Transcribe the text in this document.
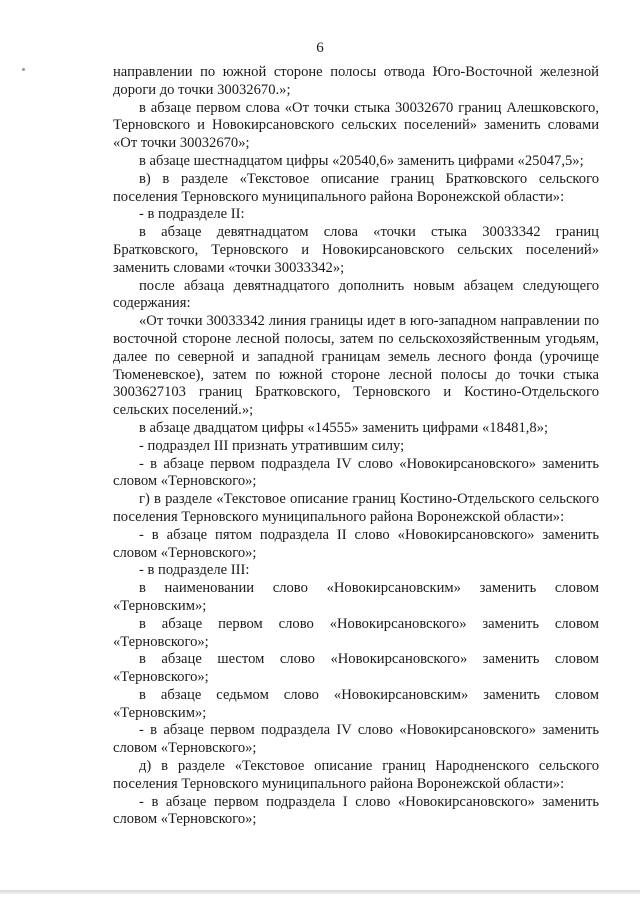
6

направлении по южной стороне полосы отвода Юго-Восточной железной дороги до точки 30032670.»;

в абзаце первом слова «От точки стыка 30032670 границ Алешковского, Терновского и Новокирсановского сельских поселений» заменить словами «От точки 30032670»;

в абзаце шестнадцатом цифры «20540,6» заменить цифрами «25047,5»;

в) в разделе «Текстовое описание границ Братковского сельского поселения Терновского муниципального района Воронежской области»:

- в подразделе II:

в абзаце девятнадцатом слова «точки стыка 30033342 границ Братковского, Терновского и Новокирсановского сельских поселений» заменить словами «точки 30033342»;

после абзаца девятнадцатого дополнить новым абзацем следующего содержания:

«От точки 30033342 линия границы идет в юго-западном направлении по восточной стороне лесной полосы, затем по сельскохозяйственным угодьям, далее по северной и западной границам земель лесного фонда (урочище Тюменевское), затем по южной стороне лесной полосы до точки стыка 3003627103 границ Братковского, Терновского и Костино-Отдельского сельских поселений.»;

в абзаце двадцатом цифры «14555» заменить цифрами «18481,8»;

- подраздел III признать утратившим силу;

- в абзаце первом подраздела IV слово «Новокирсановского» заменить словом «Терновского»;

г) в разделе «Текстовое описание границ Костино-Отдельского сельского поселения Терновского муниципального района Воронежской области»:

- в абзаце пятом подраздела II слово «Новокирсановского» заменить словом «Терновского»;

- в подразделе III:

в наименовании слово «Новокирсановским» заменить словом «Терновским»;

в абзаце первом слово «Новокирсановского» заменить словом «Терновского»;

в абзаце шестом слово «Новокирсановского» заменить словом «Терновского»;

в абзаце седьмом слово «Новокирсановским» заменить словом «Терновским»;

- в абзаце первом подраздела IV слово «Новокирсановского» заменить словом «Терновского»;

д) в разделе «Текстовое описание границ Народненского сельского поселения Терновского муниципального района Воронежской области»:

- в абзаце первом подраздела I слово «Новокирсановского» заменить словом «Терновского»;
